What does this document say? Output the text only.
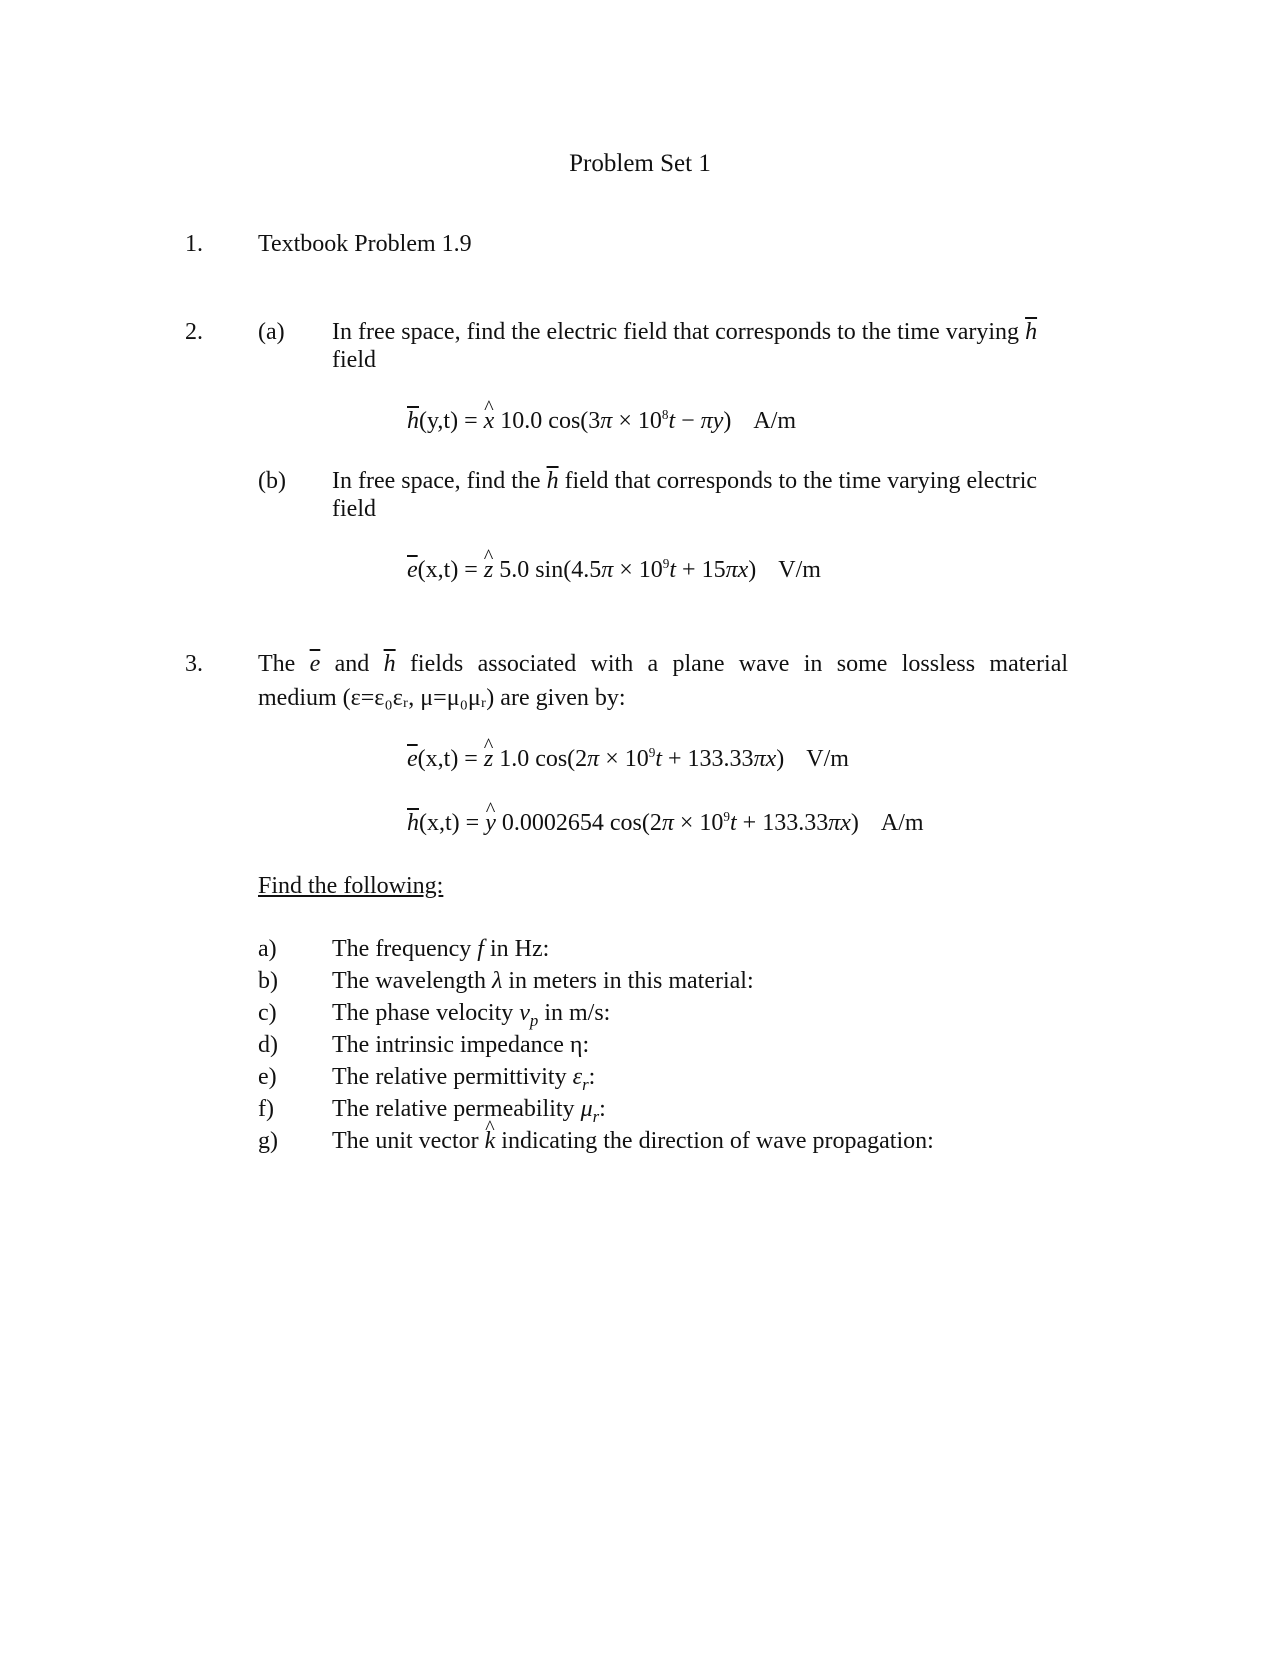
Problem Set 1
1. Textbook Problem 1.9
2. (a) In free space, find the electric field that corresponds to the time varying $\overline{h}$
field
$\overline{h}(y,t)$ = ^ x 10.0 $\cos(3\pi \times 10^8t - \pi y)$ A/m
(b) In free space, find the $\overline{h}$ field that corresponds to the time varying electric
field
$\overline{e}(x,t)$ = ^ z 5.0 $\sin(4.5\pi \times 10^9t + 15\pi x)$ V/m
3. The $\overline{e}$ and $\overline{h}$ fields associated with a plane wave in some lossless material
medium (ε=ε₀εᵣ, μ=μ₀μᵣ) are given by:
$\overline{e}(x,t)$ = ^ z 1.0 $\cos(2\pi \times 10^9t + 133.33\pi x)$ V/m
$\overline{h}(x,t)$ = ^ y 0.0002654 $\cos(2\pi \times 10^9t + 133.33\pi x)$ A/m
Find the following:
a) The frequency f in Hz:
b) The wavelength λ in meters in this material:
c) The phase velocity $v_p$ in m/s:
d) The intrinsic impedance η:
e) The relative permittivity $\varepsilon_r$:
f) The relative permeability $\mu_r$:
g) The unit vector ^ k indicating the direction of wave propagation:
